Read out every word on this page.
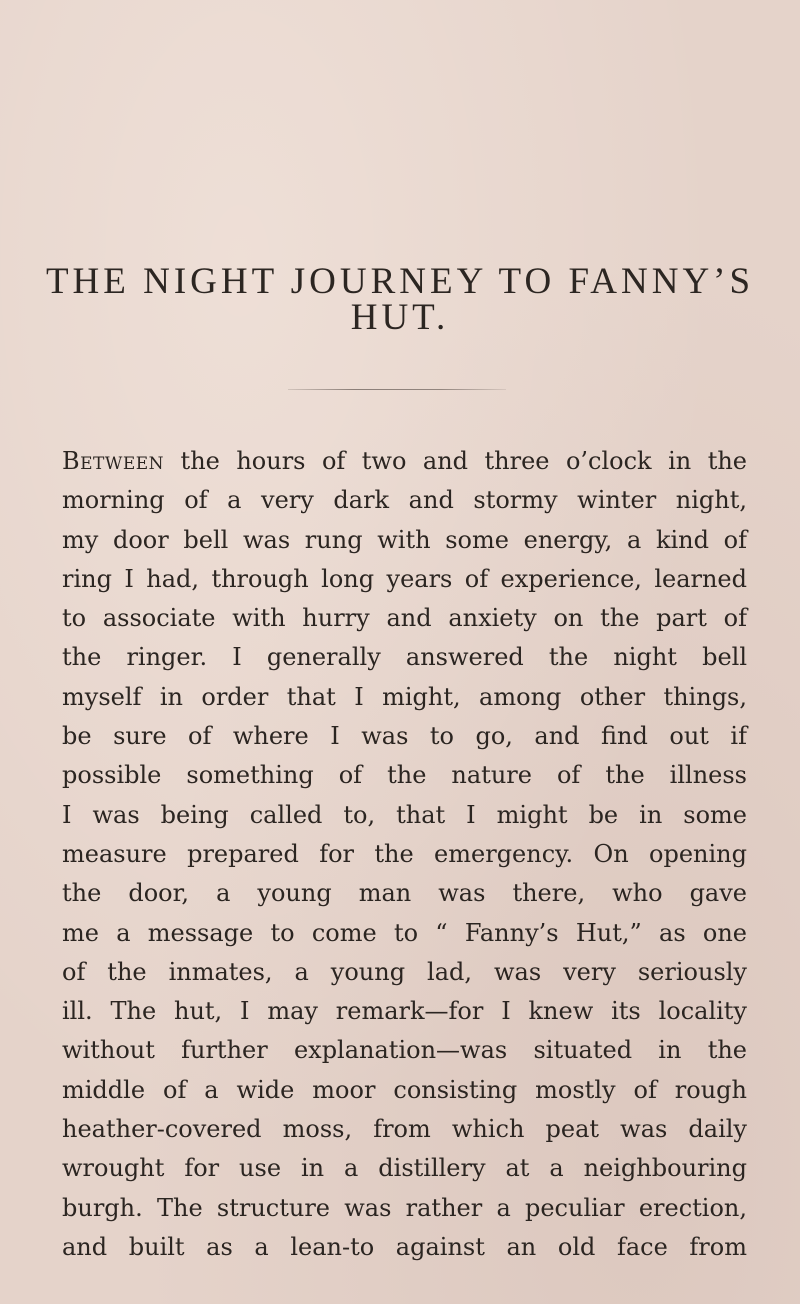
THE NIGHT JOURNEY TO FANNY’S
HUT.
Between the hours of two and three o’clock in the
morning of a very dark and stormy winter night,
my door bell was rung with some energy, a kind of
ring I had, through long years of experience, learned
to associate with hurry and anxiety on the part of
the ringer. I generally answered the night bell
myself in order that I might, among other things,
be sure of where I was to go, and find out if
possible something of the nature of the illness
I was being called to, that I might be in some
measure prepared for the emergency. On opening
the door, a young man was there, who gave
me a message to come to “ Fanny’s Hut,” as one
of the inmates, a young lad, was very seriously
ill. The hut, I may remark—for I knew its locality
without further explanation—was situated in the
middle of a wide moor consisting mostly of rough
heather-covered moss, from which peat was daily
wrought for use in a distillery at a neighbouring
burgh. The structure was rather a peculiar erection,
and built as a lean-to against an old face from
